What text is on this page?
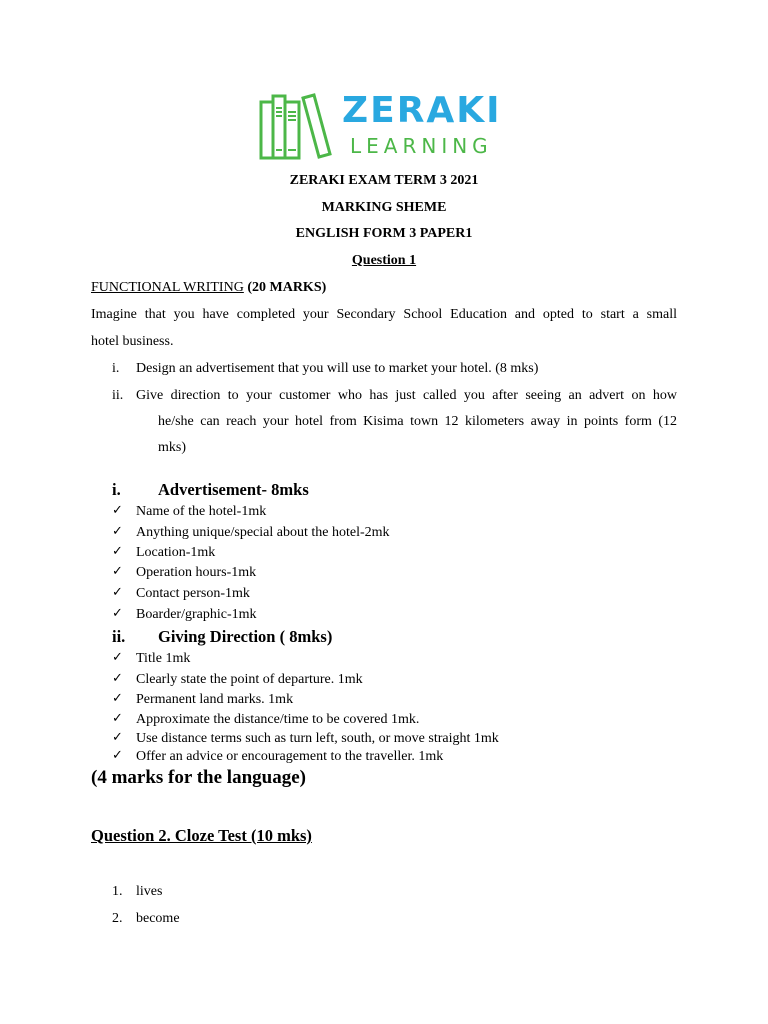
ZERAKI
LEARNING
ZERAKI EXAM TERM 3 2021
MARKING SHEME
ENGLISH FORM 3 PAPER1
Question 1
FUNCTIONAL WRITING (20 MARKS)
Imagine that you have completed your Secondary School Education and opted to start a small
hotel business.
i. Design an advertisement that you will use to market your hotel. (8 mks)
ii. Give direction to your customer who has just called you after seeing an advert on how
he/she can reach your hotel from Kisima town 12 kilometers away in points form (12
mks)
i. Advertisement- 8mks
✓ Name of the hotel-1mk
✓ Anything unique/special about the hotel-2mk
✓ Location-1mk
✓ Operation hours-1mk
✓ Contact person-1mk
✓ Boarder/graphic-1mk
ii. Giving Direction ( 8mks)
✓ Title 1mk
✓ Clearly state the point of departure. 1mk
✓ Permanent land marks. 1mk
✓ Approximate the distance/time to be covered 1mk.
✓ Use distance terms such as turn left, south, or move straight 1mk
✓ Offer an advice or encouragement to the traveller. 1mk
(4 marks for the language)
Question 2. Cloze Test (10 mks)
1. lives
2. become
